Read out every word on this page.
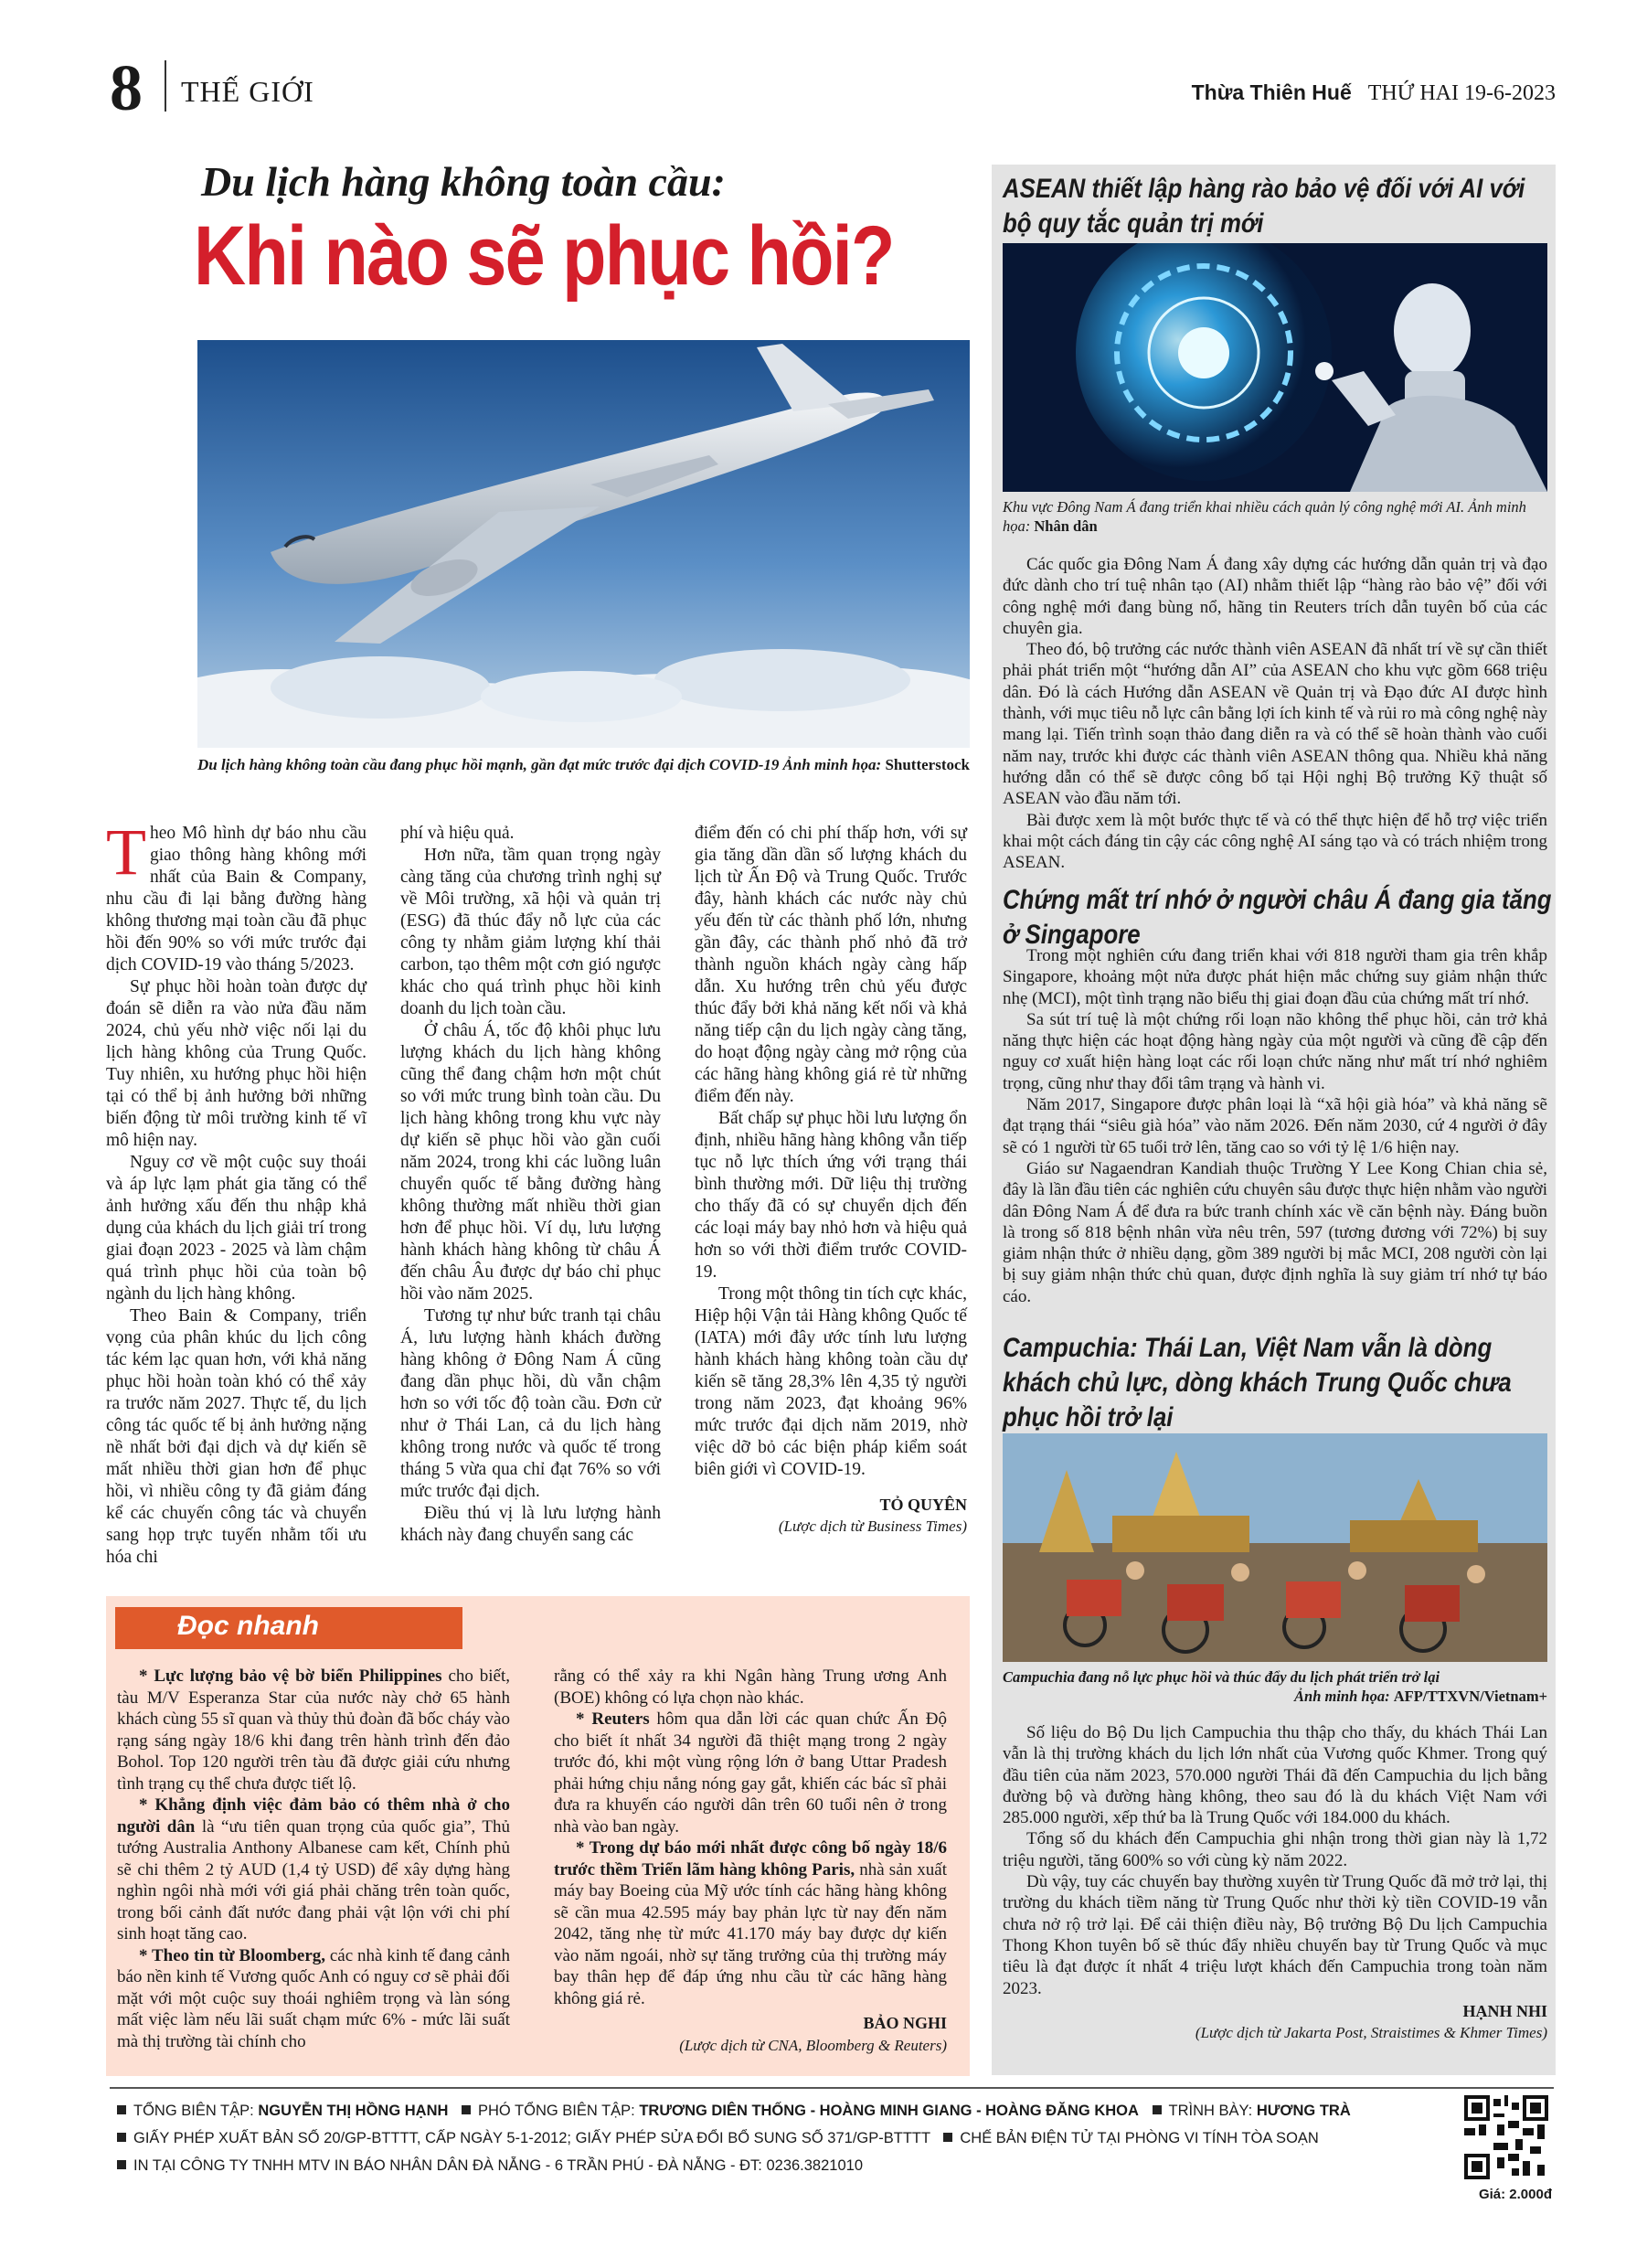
8 THẾ GIỚI	Thừa Thiên Huế THỨ HAI 19-6-2023
Du lịch hàng không toàn cầu:
Khi nào sẽ phục hồi?
Du lịch hàng không toàn cầu đang phục hồi mạnh, gần đạt mức trước đại dịch COVID-19 Ảnh minh họa: Shutterstock

Theo Mô hình dự báo nhu cầu giao thông hàng không mới nhất của Bain & Company, nhu cầu đi lại bằng đường hàng không thương mại toàn cầu đã phục hồi đến 90% so với mức trước đại dịch COVID-19 vào tháng 5/2023.

Sự phục hồi hoàn toàn được dự đoán sẽ diễn ra vào nửa đầu năm 2024, chủ yếu nhờ việc nối lại du lịch hàng không của Trung Quốc. Tuy nhiên, xu hướng phục hồi hiện tại có thể bị ảnh hưởng bởi những biến động từ môi trường kinh tế vĩ mô hiện nay.

Nguy cơ về một cuộc suy thoái và áp lực lạm phát gia tăng có thể ảnh hưởng xấu đến thu nhập khả dụng của khách du lịch giải trí trong giai đoạn 2023 - 2025 và làm chậm quá trình phục hồi của toàn bộ ngành du lịch hàng không.

Theo Bain & Company, triển vọng của phân khúc du lịch công tác kém lạc quan hơn, với khả năng phục hồi hoàn toàn khó có thể xảy ra trước năm 2027. Thực tế, du lịch công tác quốc tế bị ảnh hưởng nặng nề nhất bởi đại dịch và dự kiến sẽ mất nhiều thời gian hơn để phục hồi, vì nhiều công ty đã giảm đáng kể các chuyến công tác và chuyển sang họp trực tuyến nhằm tối ưu hóa chi

phí và hiệu quả.

Hơn nữa, tầm quan trọng ngày càng tăng của chương trình nghị sự về Môi trường, xã hội và quản trị (ESG) đã thúc đẩy nỗ lực của các công ty nhằm giảm lượng khí thải carbon, tạo thêm một cơn gió ngược khác cho quá trình phục hồi kinh doanh du lịch toàn cầu.

Ở châu Á, tốc độ khôi phục lưu lượng khách du lịch hàng không cũng thể đang chậm hơn một chút so với mức trung bình toàn cầu. Du lịch hàng không trong khu vực này dự kiến sẽ phục hồi vào gần cuối năm 2024, trong khi các luồng luân chuyển quốc tế bằng đường hàng không thường mất nhiều thời gian hơn để phục hồi. Ví dụ, lưu lượng hành khách hàng không từ châu Á đến châu Âu được dự báo chỉ phục hồi vào năm 2025.

Tương tự như bức tranh tại châu Á, lưu lượng hành khách đường hàng không ở Đông Nam Á cũng đang dần phục hồi, dù vẫn chậm hơn so với tốc độ toàn cầu. Đơn cử như ở Thái Lan, cả du lịch hàng không trong nước và quốc tế trong tháng 5 vừa qua chỉ đạt 76% so với mức trước đại dịch.

Điều thú vị là lưu lượng hành khách này đang chuyển sang các

điểm đến có chi phí thấp hơn, với sự gia tăng dần dần số lượng khách du lịch từ Ấn Độ và Trung Quốc. Trước đây, hành khách các nước này chủ yếu đến từ các thành phố lớn, nhưng gần đây, các thành phố nhỏ đã trở thành nguồn khách ngày càng hấp dẫn. Xu hướng trên chủ yếu được thúc đẩy bởi khả năng kết nối và khả năng tiếp cận du lịch ngày càng tăng, do hoạt động ngày càng mở rộng của các hãng hàng không giá rẻ từ những điểm đến này.

Bất chấp sự phục hồi lưu lượng ổn định, nhiều hãng hàng không vẫn tiếp tục nỗ lực thích ứng với trạng thái bình thường mới. Dữ liệu thị trường cho thấy đã có sự chuyển dịch đến các loại máy bay nhỏ hơn và hiệu quả hơn so với thời điểm trước COVID-19.

Trong một thông tin tích cực khác, Hiệp hội Vận tải Hàng không Quốc tế (IATA) mới đây ước tính lưu lượng hành khách hàng không toàn cầu dự kiến sẽ tăng 28,3% lên 4,35 tỷ người trong năm 2023, đạt khoảng 96% mức trước đại dịch năm 2019, nhờ việc dỡ bỏ các biện pháp kiểm soát biên giới vì COVID-19.

TỎ QUYÊN

(Lược dịch từ Business Times)

Đọc nhanh

* Lực lượng bảo vệ bờ biển Philippines cho biết, tàu M/V Esperanza Star của nước này chở 65 hành khách cùng 55 sĩ quan và thủy thủ đoàn đã bốc cháy vào rạng sáng ngày 18/6 khi đang trên hành trình đến đảo Bohol. Top 120 người trên tàu đã được giải cứu nhưng tình trạng cụ thể chưa được tiết lộ.

* Khẳng định việc đảm bảo có thêm nhà ở cho người dân là “ưu tiên quan trọng của quốc gia”, Thủ tướng Australia Anthony Albanese cam kết, Chính phủ sẽ chi thêm 2 tỷ AUD (1,4 tỷ USD) để xây dựng hàng nghìn ngôi nhà mới với giá phải chăng trên toàn quốc, trong bối cảnh đất nước đang phải vật lộn với chi phí sinh hoạt tăng cao.

* Theo tin từ Bloomberg, các nhà kinh tế đang cảnh báo nền kinh tế Vương quốc Anh có nguy cơ sẽ phải đối mặt với một cuộc suy thoái nghiêm trọng và làn sóng mất việc làm nếu lãi suất chạm mức 6% - mức lãi suất mà thị trường tài chính cho

rằng có thể xảy ra khi Ngân hàng Trung ương Anh (BOE) không có lựa chọn nào khác.

* Reuters hôm qua dẫn lời các quan chức Ấn Độ cho biết ít nhất 34 người đã thiệt mạng trong 2 ngày trước đó, khi một vùng rộng lớn ở bang Uttar Pradesh phải hứng chịu nắng nóng gay gắt, khiến các bác sĩ phải đưa ra khuyến cáo người dân trên 60 tuổi nên ở trong nhà vào ban ngày.

* Trong dự báo mới nhất được công bố ngày 18/6 trước thềm Triển lãm hàng không Paris, nhà sản xuất máy bay Boeing của Mỹ ước tính các hãng hàng không sẽ cần mua 42.595 máy bay phản lực từ nay đến năm 2042, tăng nhẹ từ mức 41.170 máy bay được dự kiến vào năm ngoái, nhờ sự tăng trưởng của thị trường máy bay thân hẹp để đáp ứng nhu cầu từ các hãng hàng không giá rẻ.

BẢO NGHI

(Lược dịch từ CNA, Bloomberg & Reuters)

ASEAN thiết lập hàng rào bảo vệ đối với AI với bộ quy tắc quản trị mới
Khu vực Đông Nam Á đang triển khai nhiều cách quản lý công nghệ mới AI. Ảnh minh họa: Nhân dân

Các quốc gia Đông Nam Á đang xây dựng các hướng dẫn quản trị và đạo đức dành cho trí tuệ nhân tạo (AI) nhằm thiết lập “hàng rào bảo vệ” đối với công nghệ mới đang bùng nổ, hãng tin Reuters trích dẫn tuyên bố của các chuyên gia.

Theo đó, bộ trưởng các nước thành viên ASEAN đã nhất trí về sự cần thiết phải phát triển một “hướng dẫn AI” của ASEAN cho khu vực gồm 668 triệu dân. Đó là cách Hướng dẫn ASEAN về Quản trị và Đạo đức AI được hình thành, với mục tiêu nỗ lực cân bằng lợi ích kinh tế và rủi ro mà công nghệ này mang lại. Tiến trình soạn thảo đang diễn ra và có thể sẽ hoàn thành vào cuối năm nay, trước khi được các thành viên ASEAN thông qua. Nhiều khả năng hướng dẫn có thể sẽ được công bố tại Hội nghị Bộ trưởng Kỹ thuật số ASEAN vào đầu năm tới.

Bài được xem là một bước thực tế và có thể thực hiện để hỗ trợ việc triển khai một cách đáng tin cậy các công nghệ AI sáng tạo và có trách nhiệm trong ASEAN.

Chứng mất trí nhớ ở người châu Á đang gia tăng ở Singapore

Trong một nghiên cứu đang triển khai với 818 người tham gia trên khắp Singapore, khoảng một nửa được phát hiện mắc chứng suy giảm nhận thức nhẹ (MCI), một tình trạng não biểu thị giai đoạn đầu của chứng mất trí nhớ.

Sa sút trí tuệ là một chứng rối loạn não không thể phục hồi, cản trở khả năng thực hiện các hoạt động hàng ngày của một người và cũng đề cập đến nguy cơ xuất hiện hàng loạt các rối loạn chức năng như mất trí nhớ nghiêm trọng, cũng như thay đổi tâm trạng và hành vi.

Năm 2017, Singapore được phân loại là “xã hội già hóa” và khả năng sẽ đạt trạng thái “siêu già hóa” vào năm 2026. Đến năm 2030, cứ 4 người ở đây sẽ có 1 người từ 65 tuổi trở lên, tăng cao so với tỷ lệ 1/6 hiện nay.

Giáo sư Nagaendran Kandiah thuộc Trường Y Lee Kong Chian chia sẻ, đây là lần đầu tiên các nghiên cứu chuyên sâu được thực hiện nhằm vào người dân Đông Nam Á để đưa ra bức tranh chính xác về căn bệnh này. Đáng buồn là trong số 818 bệnh nhân vừa nêu trên, 597 (tương đương với 72%) bị suy giảm nhận thức ở nhiều dạng, gồm 389 người bị mắc MCI, 208 người còn lại bị suy giảm nhận thức chủ quan, được định nghĩa là suy giảm trí nhớ tự báo cáo.

Campuchia: Thái Lan, Việt Nam vẫn là dòng khách chủ lực, dòng khách Trung Quốc chưa phục hồi trở lại
Campuchia đang nỗ lực phục hồi và thúc đẩy du lịch phát triển trở lại
Ảnh minh họa: AFP/TTXVN/Vietnam+

Số liệu do Bộ Du lịch Campuchia thu thập cho thấy, du khách Thái Lan vẫn là thị trường khách du lịch lớn nhất của Vương quốc Khmer. Trong quý đầu tiên của năm 2023, 570.000 người Thái đã đến Campuchia du lịch bằng đường bộ và đường hàng không, theo sau đó là du khách Việt Nam với 285.000 người, xếp thứ ba là Trung Quốc với 184.000 du khách.

Tổng số du khách đến Campuchia ghi nhận trong thời gian này là 1,72 triệu người, tăng 600% so với cùng kỳ năm 2022.

Dù vậy, tuy các chuyến bay thường xuyên từ Trung Quốc đã mở trở lại, thị trường du khách tiềm năng từ Trung Quốc như thời kỳ tiền COVID-19 vẫn chưa nở rộ trở lại. Để cải thiện điều này, Bộ trưởng Bộ Du lịch Campuchia Thong Khon tuyên bố sẽ thúc đẩy nhiều chuyến bay từ Trung Quốc và mục tiêu là đạt được ít nhất 4 triệu lượt khách đến Campuchia trong toàn năm 2023.

HẠNH NHI

(Lược dịch từ Jakarta Post, Straistimes & Khmer Times)

TỔNG BIÊN TẬP: NGUYỄN THỊ HỒNG HẠNH PHÓ TỔNG BIÊN TẬP: TRƯƠNG DIÊN THỐNG - HOÀNG MINH GIANG - HOÀNG ĐĂNG KHOA TRÌNH BÀY: HƯƠNG TRÀ
GIẤY PHÉP XUẤT BẢN SỐ 20/GP-BTTTT, CẤP NGÀY 5-1-2012; GIẤY PHÉP SỬA ĐỔI BỔ SUNG SỐ 371/GP-BTTTT CHẾ BẢN ĐIỆN TỬ TẠI PHÒNG VI TÍNH TÒA SOẠN
IN TẠI CÔNG TY TNHH MTV IN BÁO NHÂN DÂN ĐÀ NẴNG - 6 TRẦN PHÚ - ĐÀ NẴNG - ĐT: 0236.3821010
Giá: 2.000đ
